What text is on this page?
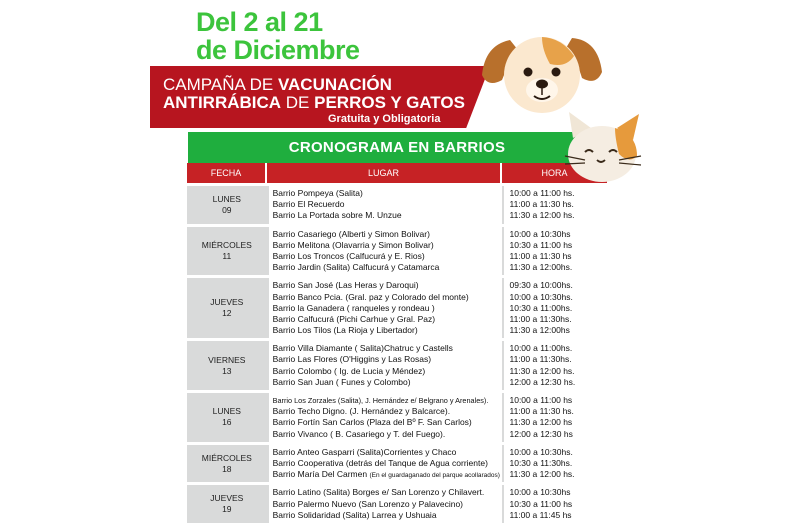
Del 2 al 21
de Diciembre
CAMPAÑA DE VACUNACIÓN
ANTIRRÁBICA DE PERROS Y GATOS
Gratuita y Obligatoria
CRONOGRAMA EN BARRIOS
FECHA	LUGAR	HORA
LUNES
09
Barrio Pompeya (Salita)
Barrio El Recuerdo
Barrio La Portada sobre M. Unzue
10:00 a 11:00 hs.
11:00 a 11:30 hs.
11:30 a 12:00 hs.
MIÉRCOLES
11
Barrio Casariego (Alberti y Simon Bolivar)
Barrio Melitona (Olavarria y Simon Bolivar)
Barrio Los Troncos (Calfucurá y E. Rios)
Barrio Jardin (Salita) Calfucurá y Catamarca
10:00 a 10:30hs
10:30 a 11:00 hs
11:00 a 11:30 hs
11:30 a 12:00hs.
JUEVES
12
Barrio San José (Las Heras y Daroqui)
Barrio Banco Pcia. (Gral. paz y Colorado del monte)
Barrio la Ganadera ( ranqueles y rondeau )
Barrio Calfucurá (Pichi Carhue y Gral. Paz)
Barrio Los Tilos (La Rioja y Libertador)
09:30 a 10:00hs.
10:00 a 10:30hs.
10:30 a 11:00hs.
11:00 a 11:30hs.
11:30 a 12:00hs
VIERNES
13
Barrio Villa Diamante ( Salita)Chatruc y Castells
Barrio Las Flores (O'Higgins y Las Rosas)
Barrio Colombo ( Ig. de Lucia y Méndez)
Barrio San Juan ( Funes y Colombo)
10:00 a 11:00hs.
11:00 a 11:30hs.
11:30 a 12:00 hs.
12:00 a 12:30 hs.
LUNES
16
Barrio Los Zorzales (Salita), J. Hernández e/ Belgrano y Arenales).
Barrio Techo Digno. (J. Hernández y Balcarce).
Barrio Fortín San Carlos (Plaza del Bº F. San Carlos)
Barrio Vivanco ( B. Casariego y T. del Fuego).
10:00 a 11:00 hs
11:00 a 11:30 hs.
11:30 a 12:00 hs
12:00 a 12:30 hs
MIÉRCOLES
18
Barrio Anteo Gasparri (Salita)Corrientes y Chaco
Barrio Cooperativa (detrás del Tanque de Agua corriente)
Barrio María Del Carmen (En el guardaganado del parque acollarados)
10:00 a 10:30hs.
10:30 a 11:30hs.
11:30 a 12:00 hs.
JUEVES
19
Barrio Latino (Salita) Borges e/ San Lorenzo y Chilavert.
Barrio Palermo Nuevo (San Lorenzo y Palavecino)
Barrio Solidaridad (Salita) Larrea y Ushuaia
10:00 a 10:30hs
10:30 a 11:00 hs
11:00 a 11:45 hs
